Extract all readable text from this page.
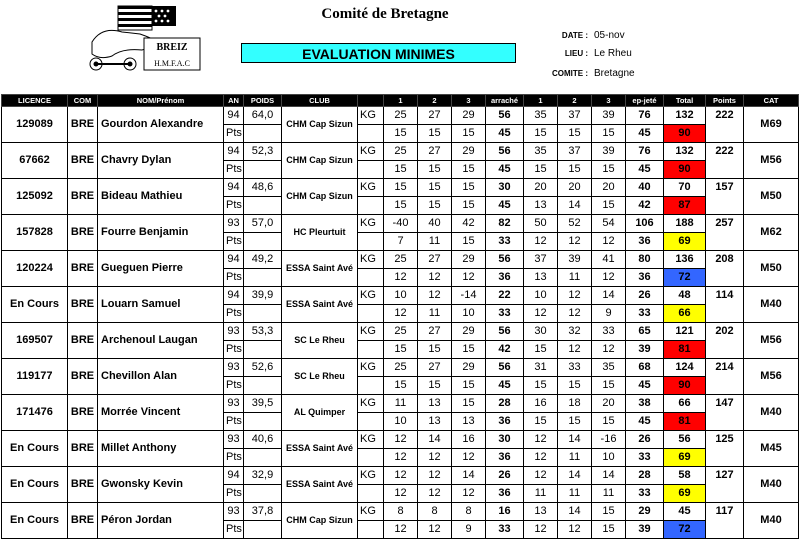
BREIZ
H.M.F.A.C
Comité de Bretagne
EVALUATION MINIMES
DATE : 05-nov
LIEU : Le Rheu
COMITE : Bretagne
LICENCE	COM	NOM/Prénom	AN	POIDS	CLUB		1	2	3	arraché	1	2	3	ep-jeté	Total	Points	CAT
129089	BRE	Gourdon Alexandre	94	64,0	CHM Cap Sizun	KG	25	27	29	56	35	37	39	76	132	222	M69
			Pts				15	15	15	45	15	15	15	45	90		
67662	BRE	Chavry Dylan	94	52,3	CHM Cap Sizun	KG	25	27	29	56	35	37	39	76	132	222	M56
			Pts				15	15	15	45	15	15	15	45	90		
125092	BRE	Bideau Mathieu	94	48,6	CHM Cap Sizun	KG	15	15	15	30	20	20	20	40	70	157	M50
			Pts				15	15	15	45	13	14	15	42	87		
157828	BRE	Fourre Benjamin	93	57,0	HC Pleurtuit	KG	-40	40	42	82	50	52	54	106	188	257	M62
			Pts				7	11	15	33	12	12	12	36	69		
120224	BRE	Gueguen Pierre	94	49,2	ESSA Saint Avé	KG	25	27	29	56	37	39	41	80	136	208	M50
			Pts				12	12	12	36	13	11	12	36	72		
En Cours	BRE	Louarn Samuel	94	39,9	ESSA Saint Avé	KG	10	12	-14	22	10	12	14	26	48	114	M40
			Pts				12	11	10	33	12	12	9	33	66		
169507	BRE	Archenoul Laugan	93	53,3	SC Le Rheu	KG	25	27	29	56	30	32	33	65	121	202	M56
			Pts				15	15	15	42	15	12	12	39	81		
119177	BRE	Chevillon Alan	93	52,6	SC Le Rheu	KG	25	27	29	56	31	33	35	68	124	214	M56
			Pts				15	15	15	45	15	15	15	45	90		
171476	BRE	Morrée Vincent	93	39,5	AL Quimper	KG	11	13	15	28	16	18	20	38	66	147	M40
			Pts				10	13	13	36	15	15	15	45	81		
En Cours	BRE	Millet Anthony	93	40,6	ESSA Saint Avé	KG	12	14	16	30	12	14	-16	26	56	125	M45
			Pts				12	12	12	36	12	11	10	33	69		
En Cours	BRE	Gwonsky Kevin	94	32,9	ESSA Saint Avé	KG	12	12	14	26	12	14	14	28	58	127	M40
			Pts				12	12	12	36	11	11	11	33	69		
En Cours	BRE	Péron Jordan	93	37,8	CHM Cap Sizun	KG	8	8	8	16	13	14	15	29	45	117	M40
			Pts				12	12	9	33	12	12	15	39	72		
